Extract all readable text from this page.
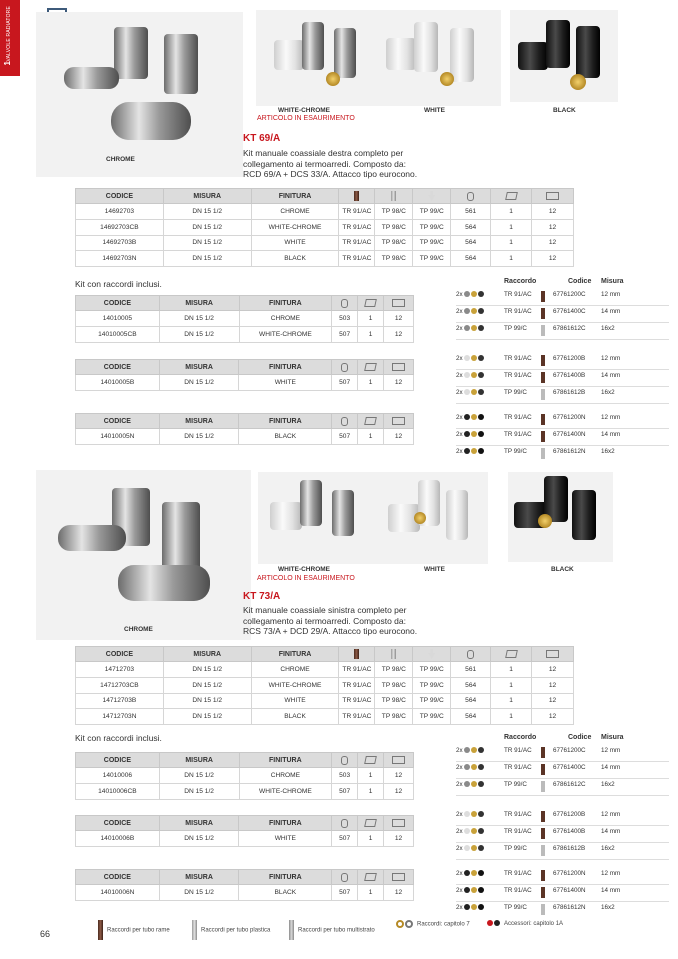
1
VALVOLE RADIATORE
CHROME
WHITE-CHROME
ARTICOLO IN ESAURIMENTO
WHITE	BLACK
KT 69/A
Kit manuale coassiale destra completo per
collegamento ai termoarredi. Composto da:
RCD 69/A + DCS 33/A. Attacco tipo eurocono.
CODICE	MISURA	FINITURA						
14692703	DN 15 1/2	CHROME	TR 91/AC	TP 98/C	TP 99/C	561	1	12
14692703CB	DN 15 1/2	WHITE-CHROME	TR 91/AC	TP 98/C	TP 99/C	564	1	12
14692703B	DN 15 1/2	WHITE	TR 91/AC	TP 98/C	TP 99/C	564	1	12
14692703N	DN 15 1/2	BLACK	TR 91/AC	TP 98/C	TP 99/C	564	1	12
Kit con raccordi inclusi.
CODICE	MISURA	FINITURA			
14010005	DN 15 1/2	CHROME	503	1	12
14010005CB	DN 15 1/2	WHITE-CHROME	507	1	12
CODICE	MISURA	FINITURA			
14010005B	DN 15 1/2	WHITE	507	1	12
CODICE	MISURA	FINITURA			
14010005N	DN 15 1/2	BLACK	507	1	12
Raccordo	Codice Misura
2x	TR 91/AC	67761200C 12 mm
2x	TR 91/AC	67761400C 14 mm
2x	TP 99/C	67861612C 16x2
2x	TR 91/AC	67761200B	12 mm
2x	TR 91/AC	67761400B	14 mm
2x	TP 99/C	67861612B	16x2
2x	TR 91/AC	67761200N 12 mm
2x	TR 91/AC	67761400N 14 mm
2x	TP 99/C	67861612N 16x2
CHROME
WHITE-CHROME
ARTICOLO IN ESAURIMENTO
WHITE	BLACK
KT 73/A
Kit manuale coassiale sinistra completo per
collegamento ai termoarredi. Composto da:
RCS 73/A + DCD 29/A. Attacco tipo eurocono.
CODICE	MISURA	FINITURA						
14712703	DN 15 1/2	CHROME	TR 91/AC	TP 98/C	TP 99/C	561	1	12
14712703CB	DN 15 1/2	WHITE-CHROME	TR 91/AC	TP 98/C	TP 99/C	564	1	12
14712703B	DN 15 1/2	WHITE	TR 91/AC	TP 98/C	TP 99/C	564	1	12
14712703N	DN 15 1/2	BLACK	TR 91/AC	TP 98/C	TP 99/C	564	1	12
Kit con raccordi inclusi.
CODICE	MISURA	FINITURA			
14010006	DN 15 1/2	CHROME	503	1	12
14010006CB	DN 15 1/2	WHITE-CHROME	507	1	12
CODICE	MISURA	FINITURA			
14010006B	DN 15 1/2	WHITE	507	1	12
CODICE	MISURA	FINITURA			
14010006N	DN 15 1/2	BLACK	507	1	12
Raccordo	Codice Misura
2x	TR 91/AC	67761200C 12 mm
2x	TR 91/AC	67761400C 14 mm
2x	TP 99/C	67861612C 16x2
2x	TR 91/AC	67761200B	12 mm
2x	TR 91/AC	67761400B	14 mm
2x	TP 99/C	67861612B	16x2
2x	TR 91/AC	67761200N 12 mm
2x	TR 91/AC	67761400N 14 mm
2x	TP 99/C	67861612N 16x2
Raccordi per tubo rame	Raccordi per tubo plastica	Raccordi per tubo multistrato
Raccordi: capitolo 7	Accessori: capitolo 1A
66
